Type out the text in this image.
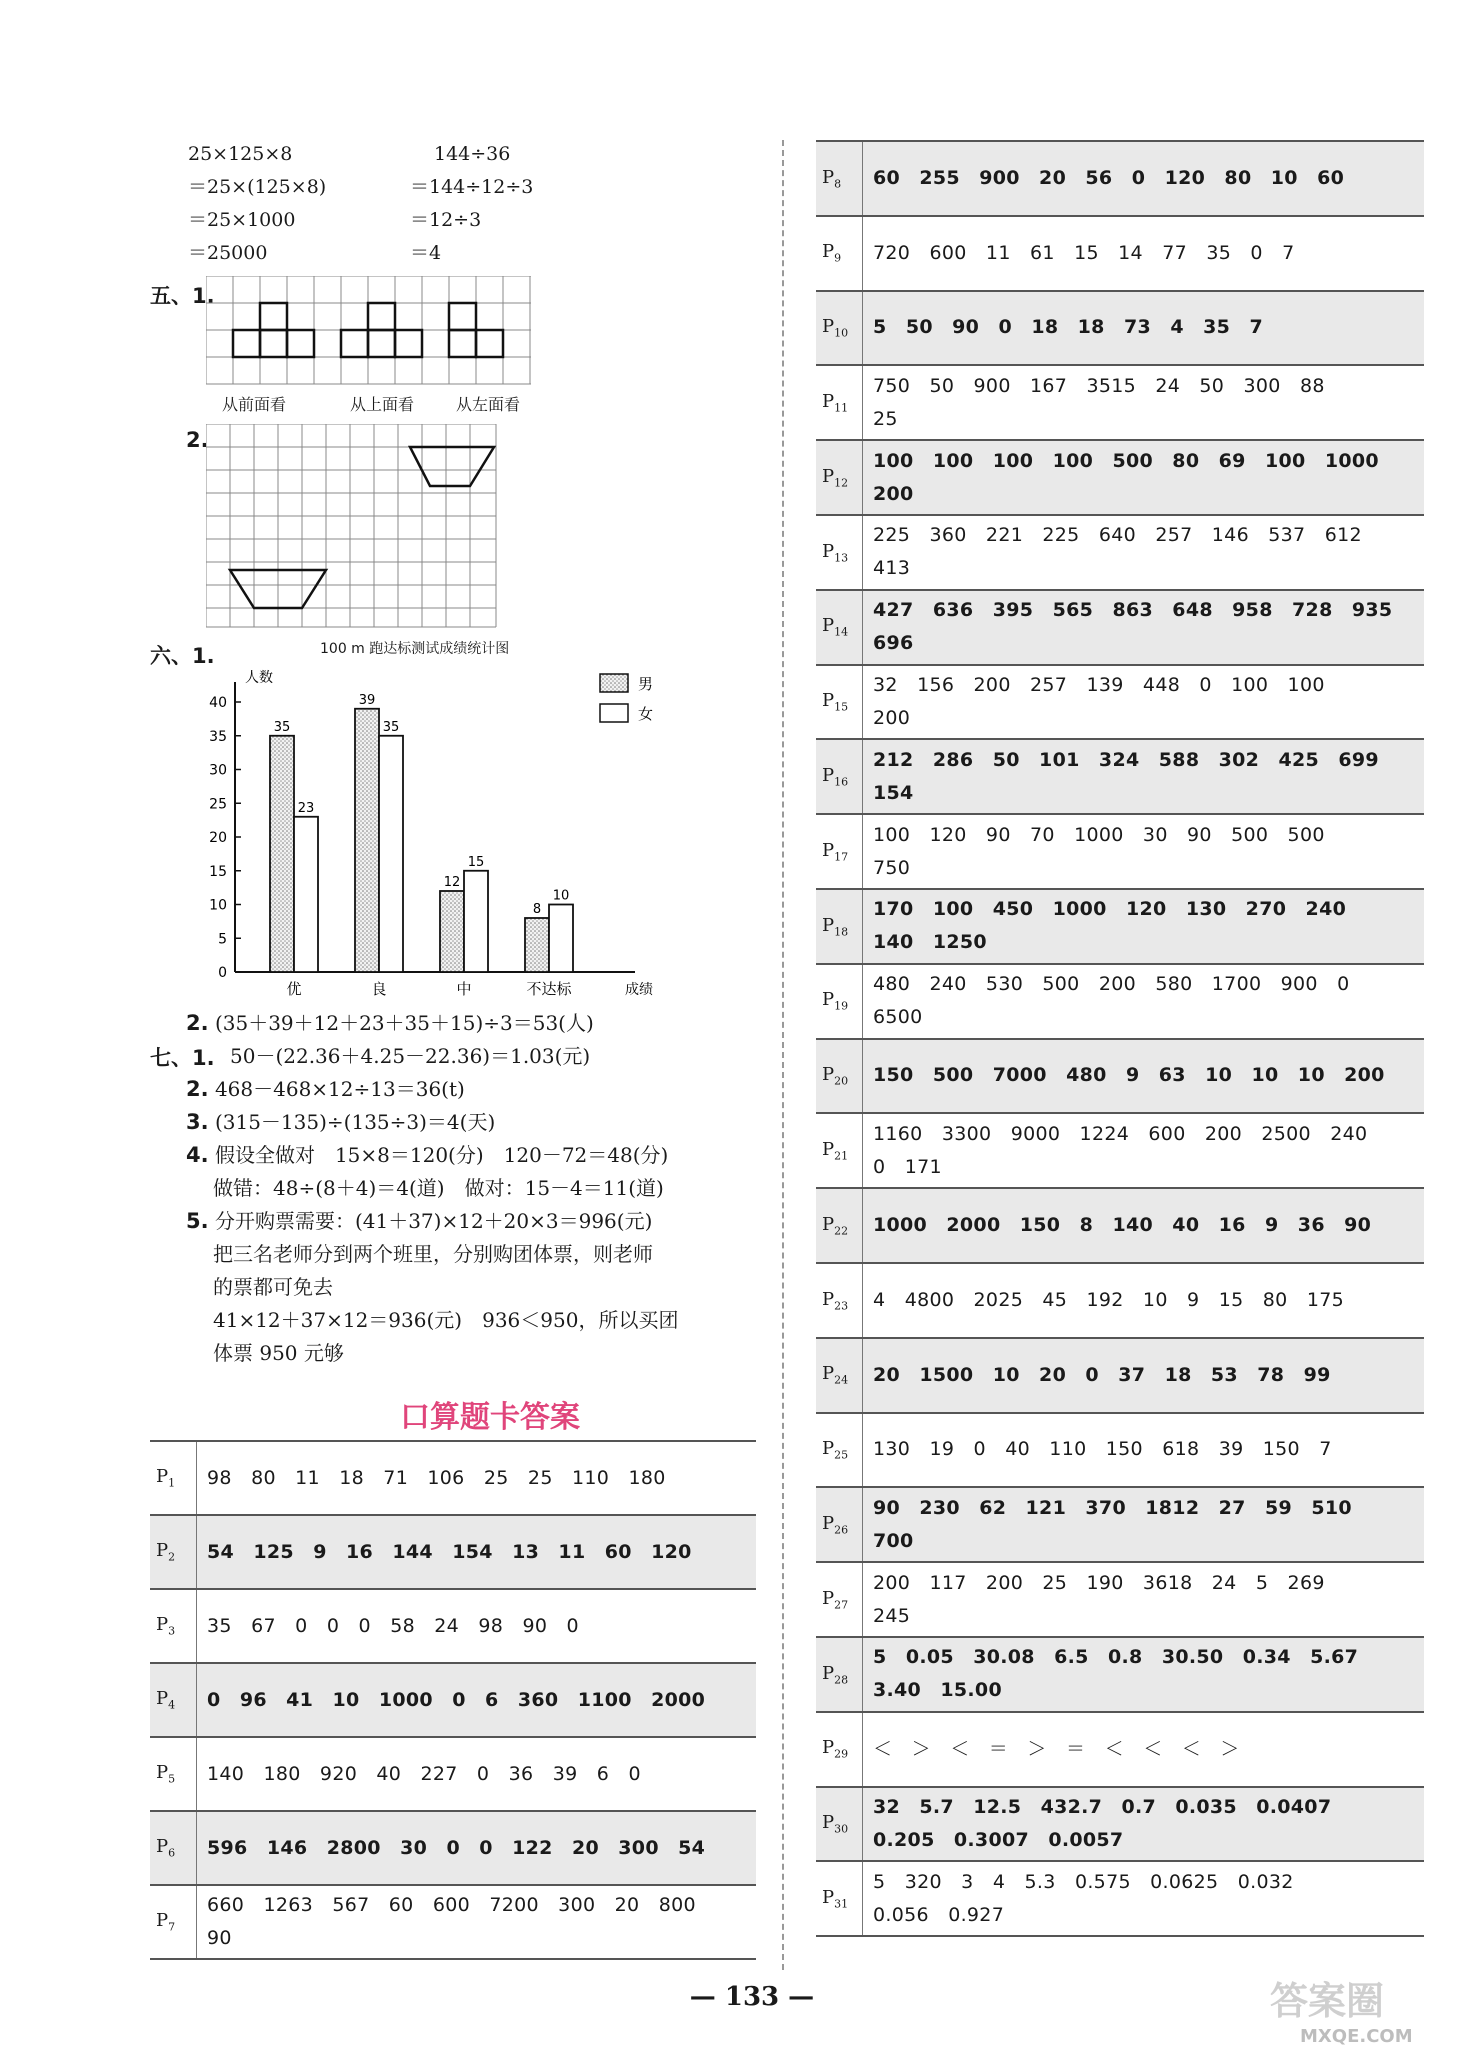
25×125×8
＝25×(125×8)
＝25×1000
＝25000
144÷36
＝144÷12÷3
＝12÷3
＝4
五、1.
从前面看	从上面看	从左面看
2.
六、1.	100 m 跑达标测试成绩统计图
0
5
10
15
20
25
30
35
40
人数
成绩
35
23
优
39
35
良
12
15
中
8
10
不达标
男
女
2. (35＋39＋12＋23＋35＋15)÷3＝53(人)
七、1. 50－(22.36＋4.25－22.36)＝1.03(元)
2. 468－468×12÷13＝36(t)
3. (315－135)÷(135÷3)＝4(天)
4. 假设全做对　15×8＝120(分)　120－72＝48(分)
做错：48÷(8＋4)＝4(道)　做对：15－4＝11(道)
5. 分开购票需要：(41＋37)×12＋20×3＝996(元)
把三名老师分到两个班里，分别购团体票，则老师
的票都可免去
41×12＋37×12＝936(元)　936＜950，所以买团
体票 950 元够
口算题卡答案
$P_1$	98　80　11　18　71　106　25　25　110　180

$P_2$	54　125　9　16　144　154　13　11　60　120

$P_3$	35　67　0　0　0　58　24　98　90　0

$P_4$	0　96　41　10　1000　0　6　360　1100　2000

$P_5$	140　180　920　40　227　0　36　39　6　0

$P_6$	596　146　2800　30　0　0　122　20　300　54

$P_7$	660　1263　567　60　600　7200　300　20　800
90
$P_8$	60　255　900　20　56　0　120　80　10　60

$P_9$	720　600　11　61　15　14　77　35　0　7

$P_{10}$	5　50　90　0　18　18　73　4　35　7

$P_{11}$	750　50　900　167　3515　24　50　300　88
25

$P_{12}$	100　100　100　100　500　80　69　100　1000
200

$P_{13}$	225　360　221　225　640　257　146　537　612
413

$P_{14}$	427　636　395　565　863　648　958　728　935
696

$P_{15}$	32　156　200　257　139　448　0　100　100
200

$P_{16}$	212　286　50　101　324　588　302　425　699
154

$P_{17}$	100　120　90　70　1000　30　90　500　500
750

$P_{18}$	170　100　450　1000　120　130　270　240
140　1250

$P_{19}$	480　240　530　500　200　580　1700　900　0
6500

$P_{20}$	150　500　7000　480　9　63　10　10　10　200

$P_{21}$	1160　3300　9000　1224　600　200　2500　240
0　171

$P_{22}$	1000　2000　150　8　140　40　16　9　36　90

$P_{23}$	4　4800　2025　45　192　10　9　15　80　175

$P_{24}$	20　1500　10　20　0　37　18　53　78　99

$P_{25}$	130　19　0　40　110　150　618　39　150　7

$P_{26}$	90　230　62　121　370　1812　27　59　510
700

$P_{27}$	200　117　200　25　190　3618　24　5　269
245

$P_{28}$	5　0.05　30.08　6.5　0.8　30.50　0.34　5.67
3.40　15.00

$P_{29}$	＜　＞　＜　＝　＞　＝　＜　＜　＜　＞

$P_{30}$	32　5.7　12.5　432.7　0.7　0.035　0.0407
0.205　0.3007　0.0057

$P_{31}$	5　320　3　4　5.3　0.575　0.0625　0.032
0.056　0.927
— 133 —	答案圈
MXQE.COM
